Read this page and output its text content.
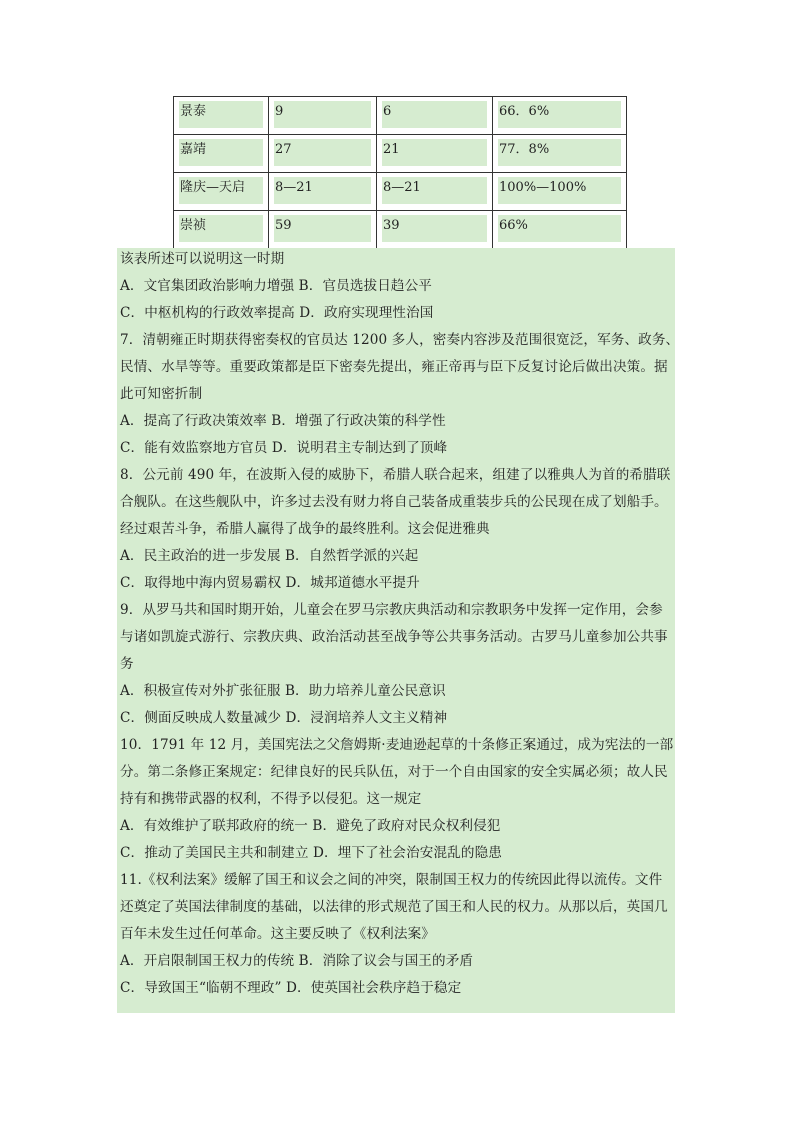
景泰	9	6	66．6%

嘉靖	27	21	77．8%

隆庆—天启	8—21	8—21	100%—100%

崇祯	59	39	66%
该表所述可以说明这一时期
A．文官集团政治影响力增强 B．官员选拔日趋公平
C．中枢机构的行政效率提高 D．政府实现理性治国
7．清朝雍正时期获得密奏权的官员达 1200 多人，密奏内容涉及范围很宽泛，军务、政务、
民情、水旱等等。重要政策都是臣下密奏先提出，雍正帝再与臣下反复讨论后做出决策。据
此可知密折制
A．提高了行政决策效率 B．增强了行政决策的科学性
C．能有效监察地方官员 D．说明君主专制达到了顶峰
8．公元前 490 年，在波斯入侵的威胁下，希腊人联合起来，组建了以雅典人为首的希腊联
合舰队。在这些舰队中，许多过去没有财力将自己装备成重装步兵的公民现在成了划船手。
经过艰苦斗争，希腊人赢得了战争的最终胜利。这会促进雅典
A．民主政治的进一步发展 B．自然哲学派的兴起
C．取得地中海内贸易霸权 D．城邦道德水平提升
9．从罗马共和国时期开始，儿童会在罗马宗教庆典活动和宗教职务中发挥一定作用，会参
与诸如凯旋式游行、宗教庆典、政治活动甚至战争等公共事务活动。古罗马儿童参加公共事
务
A．积极宣传对外扩张征服 B．助力培养儿童公民意识
C．侧面反映成人数量减少 D．浸润培养人文主义精神
10．1791 年 12 月，美国宪法之父詹姆斯·麦迪逊起草的十条修正案通过，成为宪法的一部
分。第二条修正案规定：纪律良好的民兵队伍，对于一个自由国家的安全实属必须；故人民
持有和携带武器的权利，不得予以侵犯。这一规定
A．有效维护了联邦政府的统一 B．避免了政府对民众权利侵犯
C．推动了美国民主共和制建立 D．埋下了社会治安混乱的隐患
11.《权利法案》缓解了国王和议会之间的冲突，限制国王权力的传统因此得以流传。文件
还奠定了英国法律制度的基础，以法律的形式规范了国王和人民的权力。从那以后，英国几
百年未发生过任何革命。这主要反映了《权利法案》
A．开启限制国王权力的传统 B．消除了议会与国王的矛盾
C．导致国王“临朝不理政” D．使英国社会秩序趋于稳定
